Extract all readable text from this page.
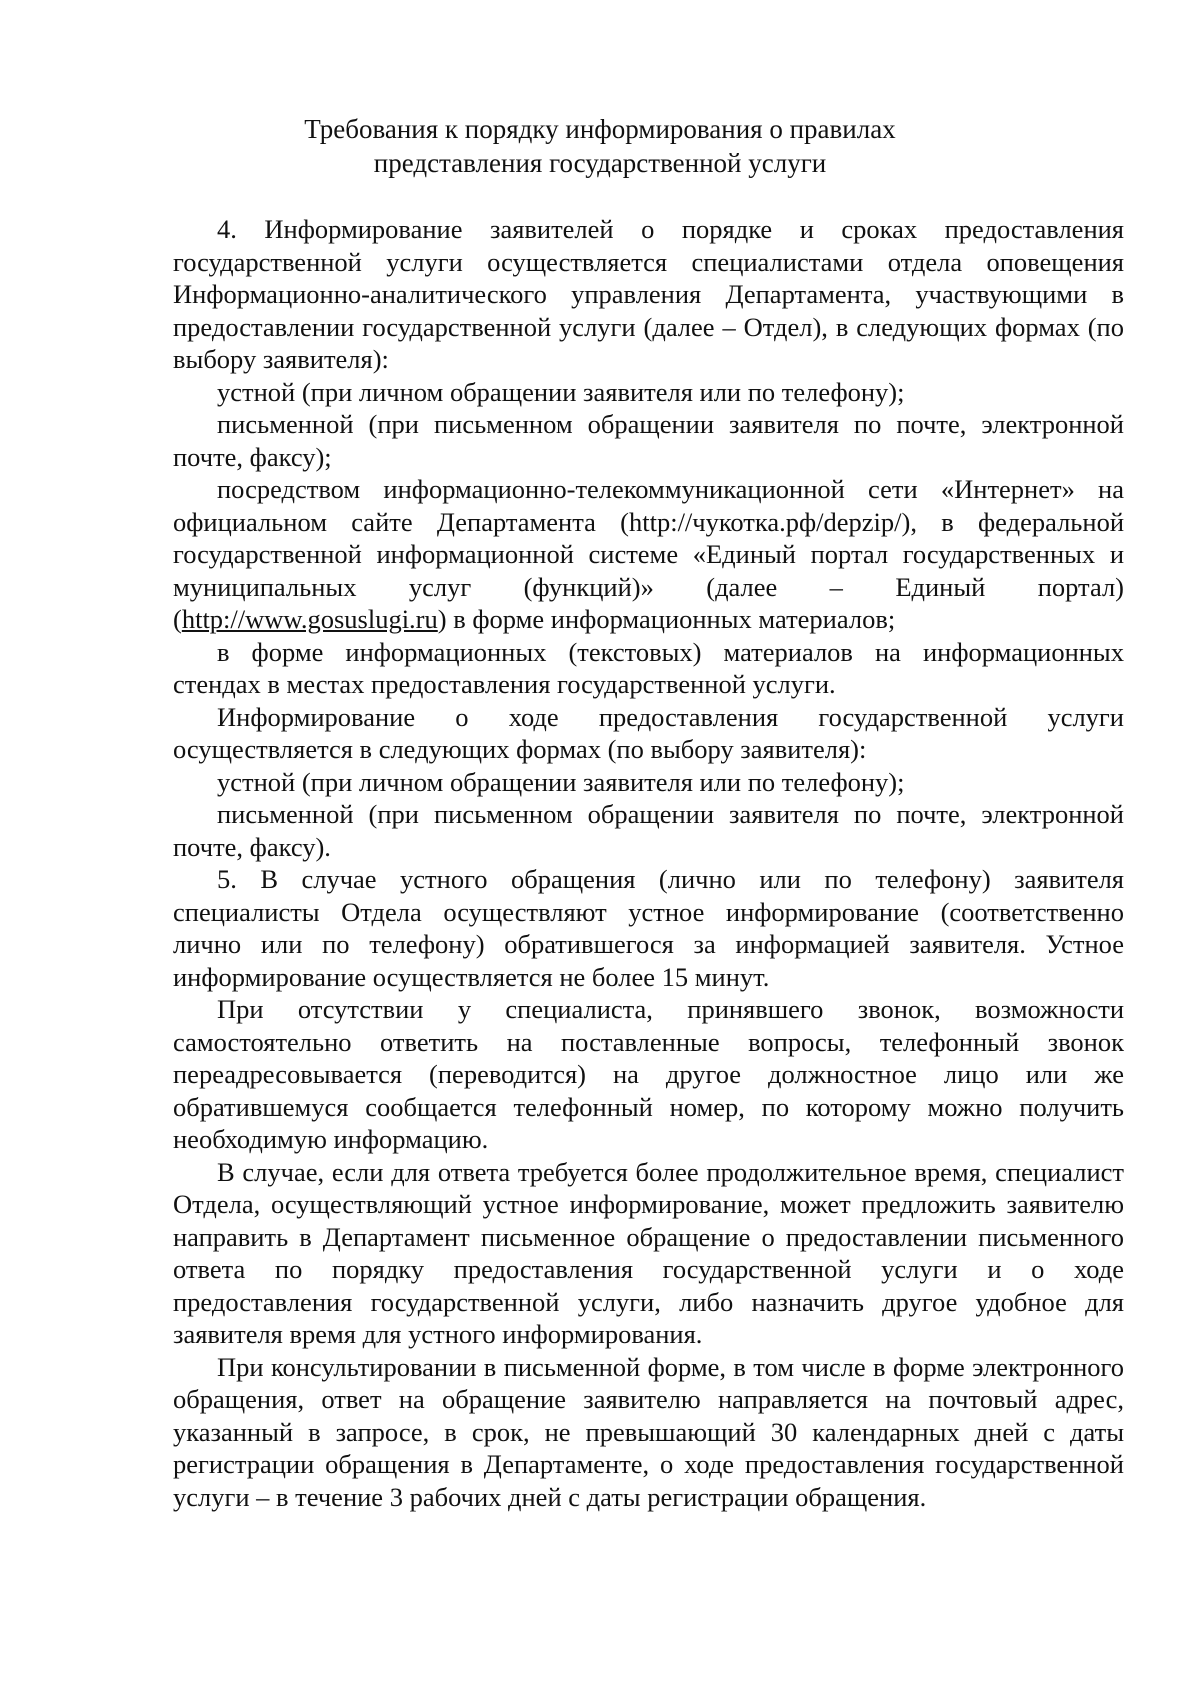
Требования к порядку информирования о правилах
представления государственной услуги

4. Информирование заявителей о порядке и сроках предоставления государственной услуги осуществляется специалистами отдела оповещения Информационно-аналитического управления Департамента, участвующими в предоставлении государственной услуги (далее – Отдел), в следующих формах (по выбору заявителя):

устной (при личном обращении заявителя или по телефону);

письменной (при письменном обращении заявителя по почте, электронной почте, факсу);

посредством информационно-телекоммуникационной сети «Интернет» на официальном сайте Департамента (http://чукотка.рф/depzip/), в федеральной государственной информационной системе «Единый портал государственных и муниципальных услуг (функций)» (далее – Единый портал) (http://www.gosuslugi.ru) в форме информационных материалов;

в форме информационных (текстовых) материалов на информационных стендах в местах предоставления государственной услуги.

Информирование о ходе предоставления государственной услуги осуществляется в следующих формах (по выбору заявителя):

устной (при личном обращении заявителя или по телефону);

письменной (при письменном обращении заявителя по почте, электронной почте, факсу).

5. В случае устного обращения (лично или по телефону) заявителя специалисты Отдела осуществляют устное информирование (соответственно лично или по телефону) обратившегося за информацией заявителя. Устное информирование осуществляется не более 15 минут.

При отсутствии у специалиста, принявшего звонок, возможности самостоятельно ответить на поставленные вопросы, телефонный звонок переадресовывается (переводится) на другое должностное лицо или же обратившемуся сообщается телефонный номер, по которому можно получить необходимую информацию.

В случае, если для ответа требуется более продолжительное время, специалист Отдела, осуществляющий устное информирование, может предложить заявителю направить в Департамент письменное обращение о предоставлении письменного ответа по порядку предоставления государственной услуги и о ходе предоставления государственной услуги, либо назначить другое удобное для заявителя время для устного информирования.

При консультировании в письменной форме, в том числе в форме электронного обращения, ответ на обращение заявителю направляется на почтовый адрес, указанный в запросе, в срок, не превышающий 30 календарных дней с даты регистрации обращения в Департаменте, о ходе предоставления государственной услуги – в течение 3 рабочих дней с даты регистрации обращения.
